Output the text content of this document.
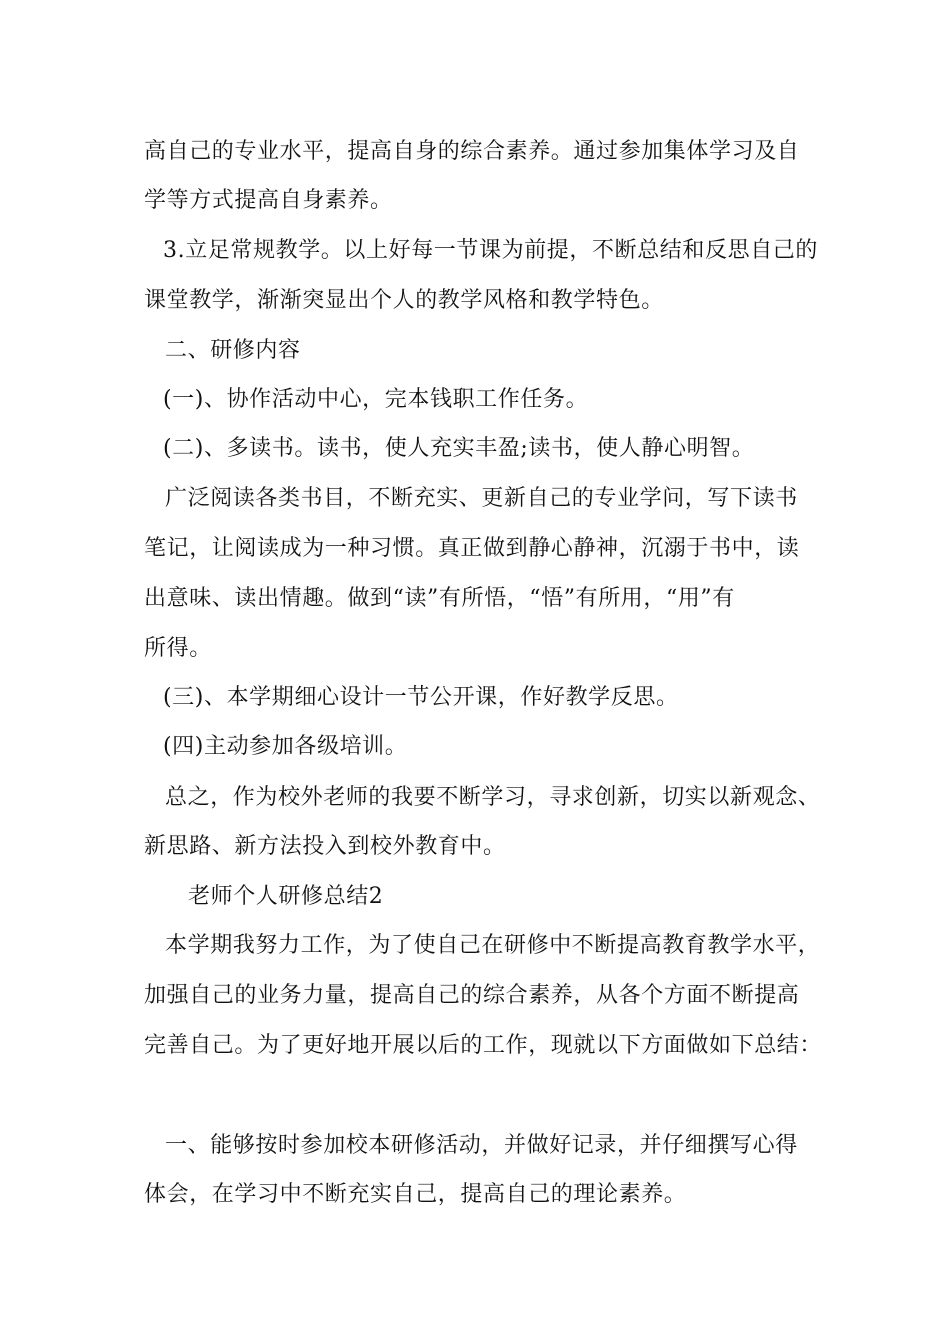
高自己的专业水平，提高自身的综合素养。通过参加集体学习及自
学等方式提高自身素养。
3.立足常规教学。以上好每一节课为前提，不断总结和反思自己的
课堂教学，渐渐突显出个人的教学风格和教学特色。
二、研修内容
(一)、协作活动中心，完本钱职工作任务。
(二)、多读书。读书，使人充实丰盈;读书，使人静心明智。
广泛阅读各类书目，不断充实、更新自己的专业学问，写下读书
笔记，让阅读成为一种习惯。真正做到静心静神，沉溺于书中，读
出意味、读出情趣。做到“读”有所悟，“悟”有所用，“用”有
所得。
(三)、本学期细心设计一节公开课，作好教学反思。
(四)主动参加各级培训。
总之，作为校外老师的我要不断学习，寻求创新，切实以新观念、
新思路、新方法投入到校外教育中。
老师个人研修总结2
本学期我努力工作，为了使自己在研修中不断提高教育教学水平，
加强自己的业务力量，提高自己的综合素养，从各个方面不断提高
完善自己。为了更好地开展以后的工作，现就以下方面做如下总结：
一、能够按时参加校本研修活动，并做好记录，并仔细撰写心得
体会，在学习中不断充实自己，提高自己的理论素养。
